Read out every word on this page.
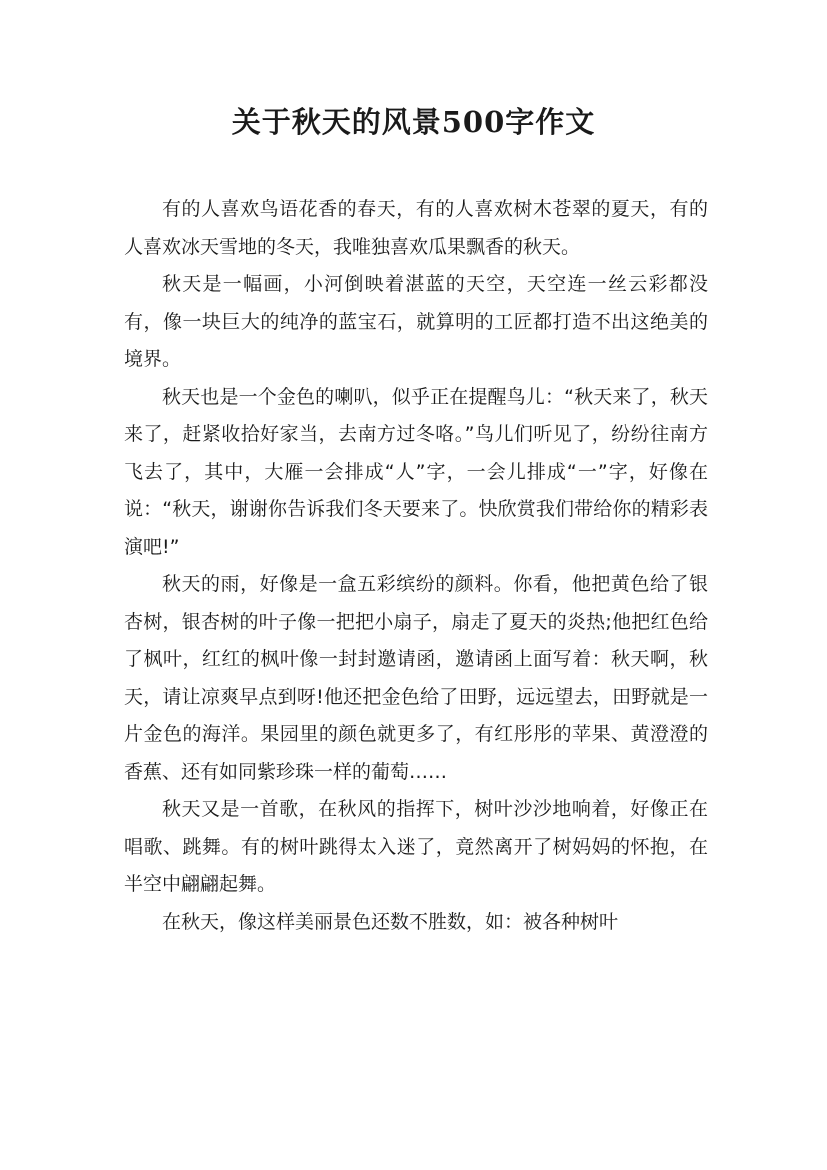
关于秋天的风景500字作文

有的人喜欢鸟语花香的春天，有的人喜欢树木苍翠的夏天，有的人喜欢冰天雪地的冬天，我唯独喜欢瓜果飘香的秋天。

秋天是一幅画，小河倒映着湛蓝的天空，天空连一丝云彩都没有，像一块巨大的纯净的蓝宝石，就算明的工匠都打造不出这绝美的境界。

秋天也是一个金色的喇叭，似乎正在提醒鸟儿：“秋天来了，秋天来了，赶紧收拾好家当，去南方过冬咯。”鸟儿们听见了，纷纷往南方飞去了，其中，大雁一会排成“人”字，一会儿排成“一”字，好像在说：“秋天，谢谢你告诉我们冬天要来了。快欣赏我们带给你的精彩表演吧!”

秋天的雨，好像是一盒五彩缤纷的颜料。你看，他把黄色给了银杏树，银杏树的叶子像一把把小扇子，扇走了夏天的炎热;他把红色给了枫叶，红红的枫叶像一封封邀请函，邀请函上面写着：秋天啊，秋天，请让凉爽早点到呀!他还把金色给了田野，远远望去，田野就是一片金色的海洋。果园里的颜色就更多了，有红彤彤的苹果、黄澄澄的香蕉、还有如同紫珍珠一样的葡萄……

秋天又是一首歌，在秋风的指挥下，树叶沙沙地响着，好像正在唱歌、跳舞。有的树叶跳得太入迷了，竟然离开了树妈妈的怀抱，在半空中翩翩起舞。

在秋天，像这样美丽景色还数不胜数，如：被各种树叶
